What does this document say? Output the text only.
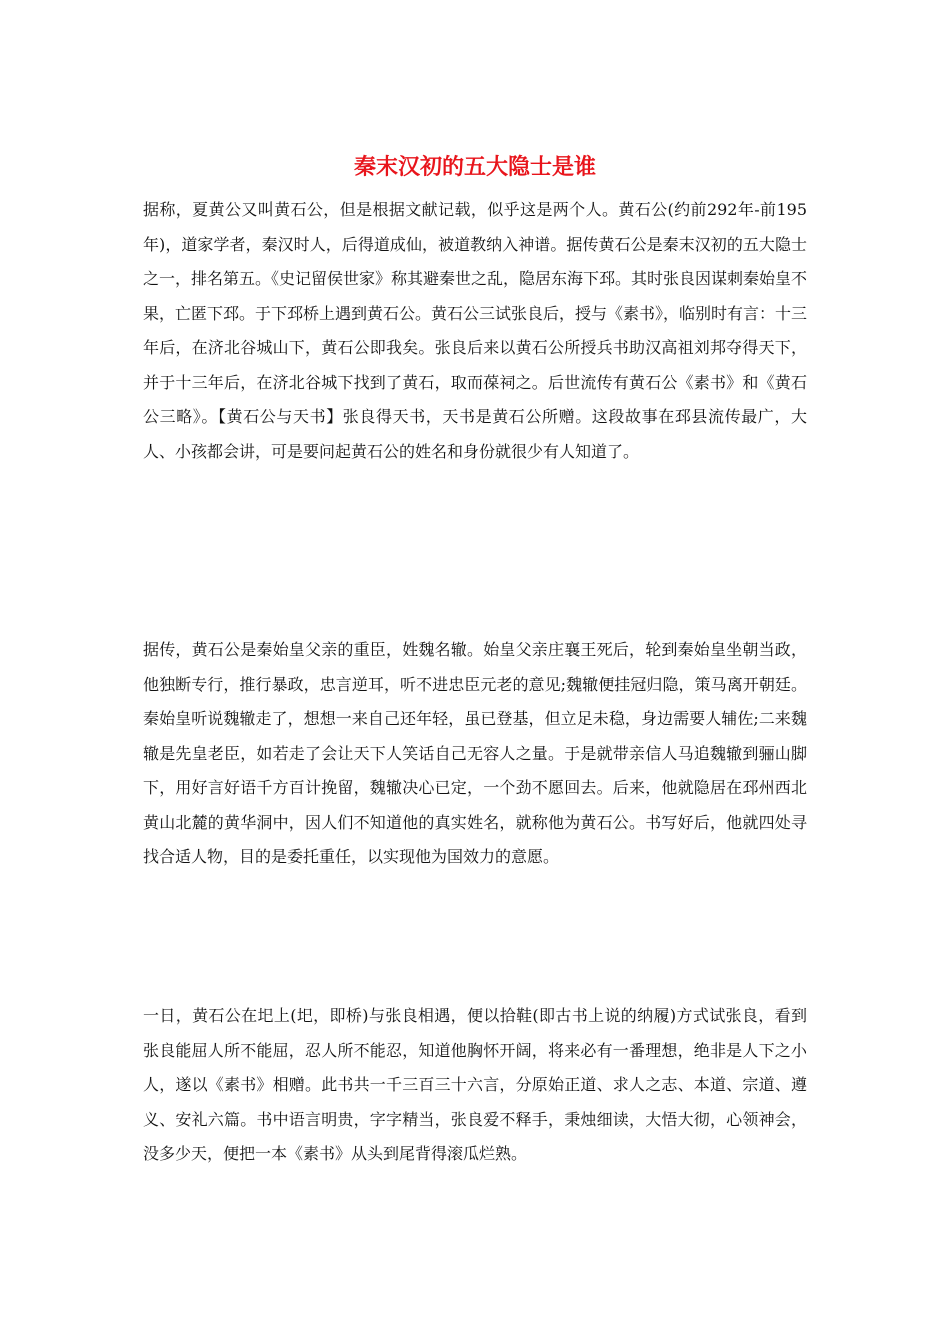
秦末汉初的五大隐士是谁

据称，夏黄公又叫黄石公，但是根据文献记载，似乎这是两个人。黄石公(约前292年-前195年)，道家学者，秦汉时人，后得道成仙，被道教纳入神谱。据传黄石公是秦末汉初的五大隐士之一，排名第五。《史记留侯世家》称其避秦世之乱，隐居东海下邳。其时张良因谋刺秦始皇不果，亡匿下邳。于下邳桥上遇到黄石公。黄石公三试张良后，授与《素书》，临别时有言：十三年后，在济北谷城山下，黄石公即我矣。张良后来以黄石公所授兵书助汉高祖刘邦夺得天下，并于十三年后，在济北谷城下找到了黄石，取而葆祠之。后世流传有黄石公《素书》和《黄石公三略》。【黄石公与天书】张良得天书，天书是黄石公所赠。这段故事在邳县流传最广，大人、小孩都会讲，可是要问起黄石公的姓名和身份就很少有人知道了。

据传，黄石公是秦始皇父亲的重臣，姓魏名辙。始皇父亲庄襄王死后，轮到秦始皇坐朝当政，他独断专行，推行暴政，忠言逆耳，听不进忠臣元老的意见;魏辙便挂冠归隐，策马离开朝廷。秦始皇听说魏辙走了，想想一来自己还年轻，虽已登基，但立足未稳，身边需要人辅佐;二来魏辙是先皇老臣，如若走了会让天下人笑话自己无容人之量。于是就带亲信人马追魏辙到骊山脚下，用好言好语千方百计挽留，魏辙决心已定，一个劲不愿回去。后来，他就隐居在邳州西北黄山北麓的黄华洞中，因人们不知道他的真实姓名，就称他为黄石公。书写好后，他就四处寻找合适人物，目的是委托重任，以实现他为国效力的意愿。

一日，黄石公在圯上(圯，即桥)与张良相遇，便以拾鞋(即古书上说的纳履)方式试张良，看到张良能屈人所不能屈，忍人所不能忍，知道他胸怀开阔，将来必有一番理想，绝非是人下之小人，遂以《素书》相赠。此书共一千三百三十六言，分原始正道、求人之志、本道、宗道、遵义、安礼六篇。书中语言明贵，字字精当，张良爱不释手，秉烛细读，大悟大彻，心领神会，没多少天，便把一本《素书》从头到尾背得滚瓜烂熟。
